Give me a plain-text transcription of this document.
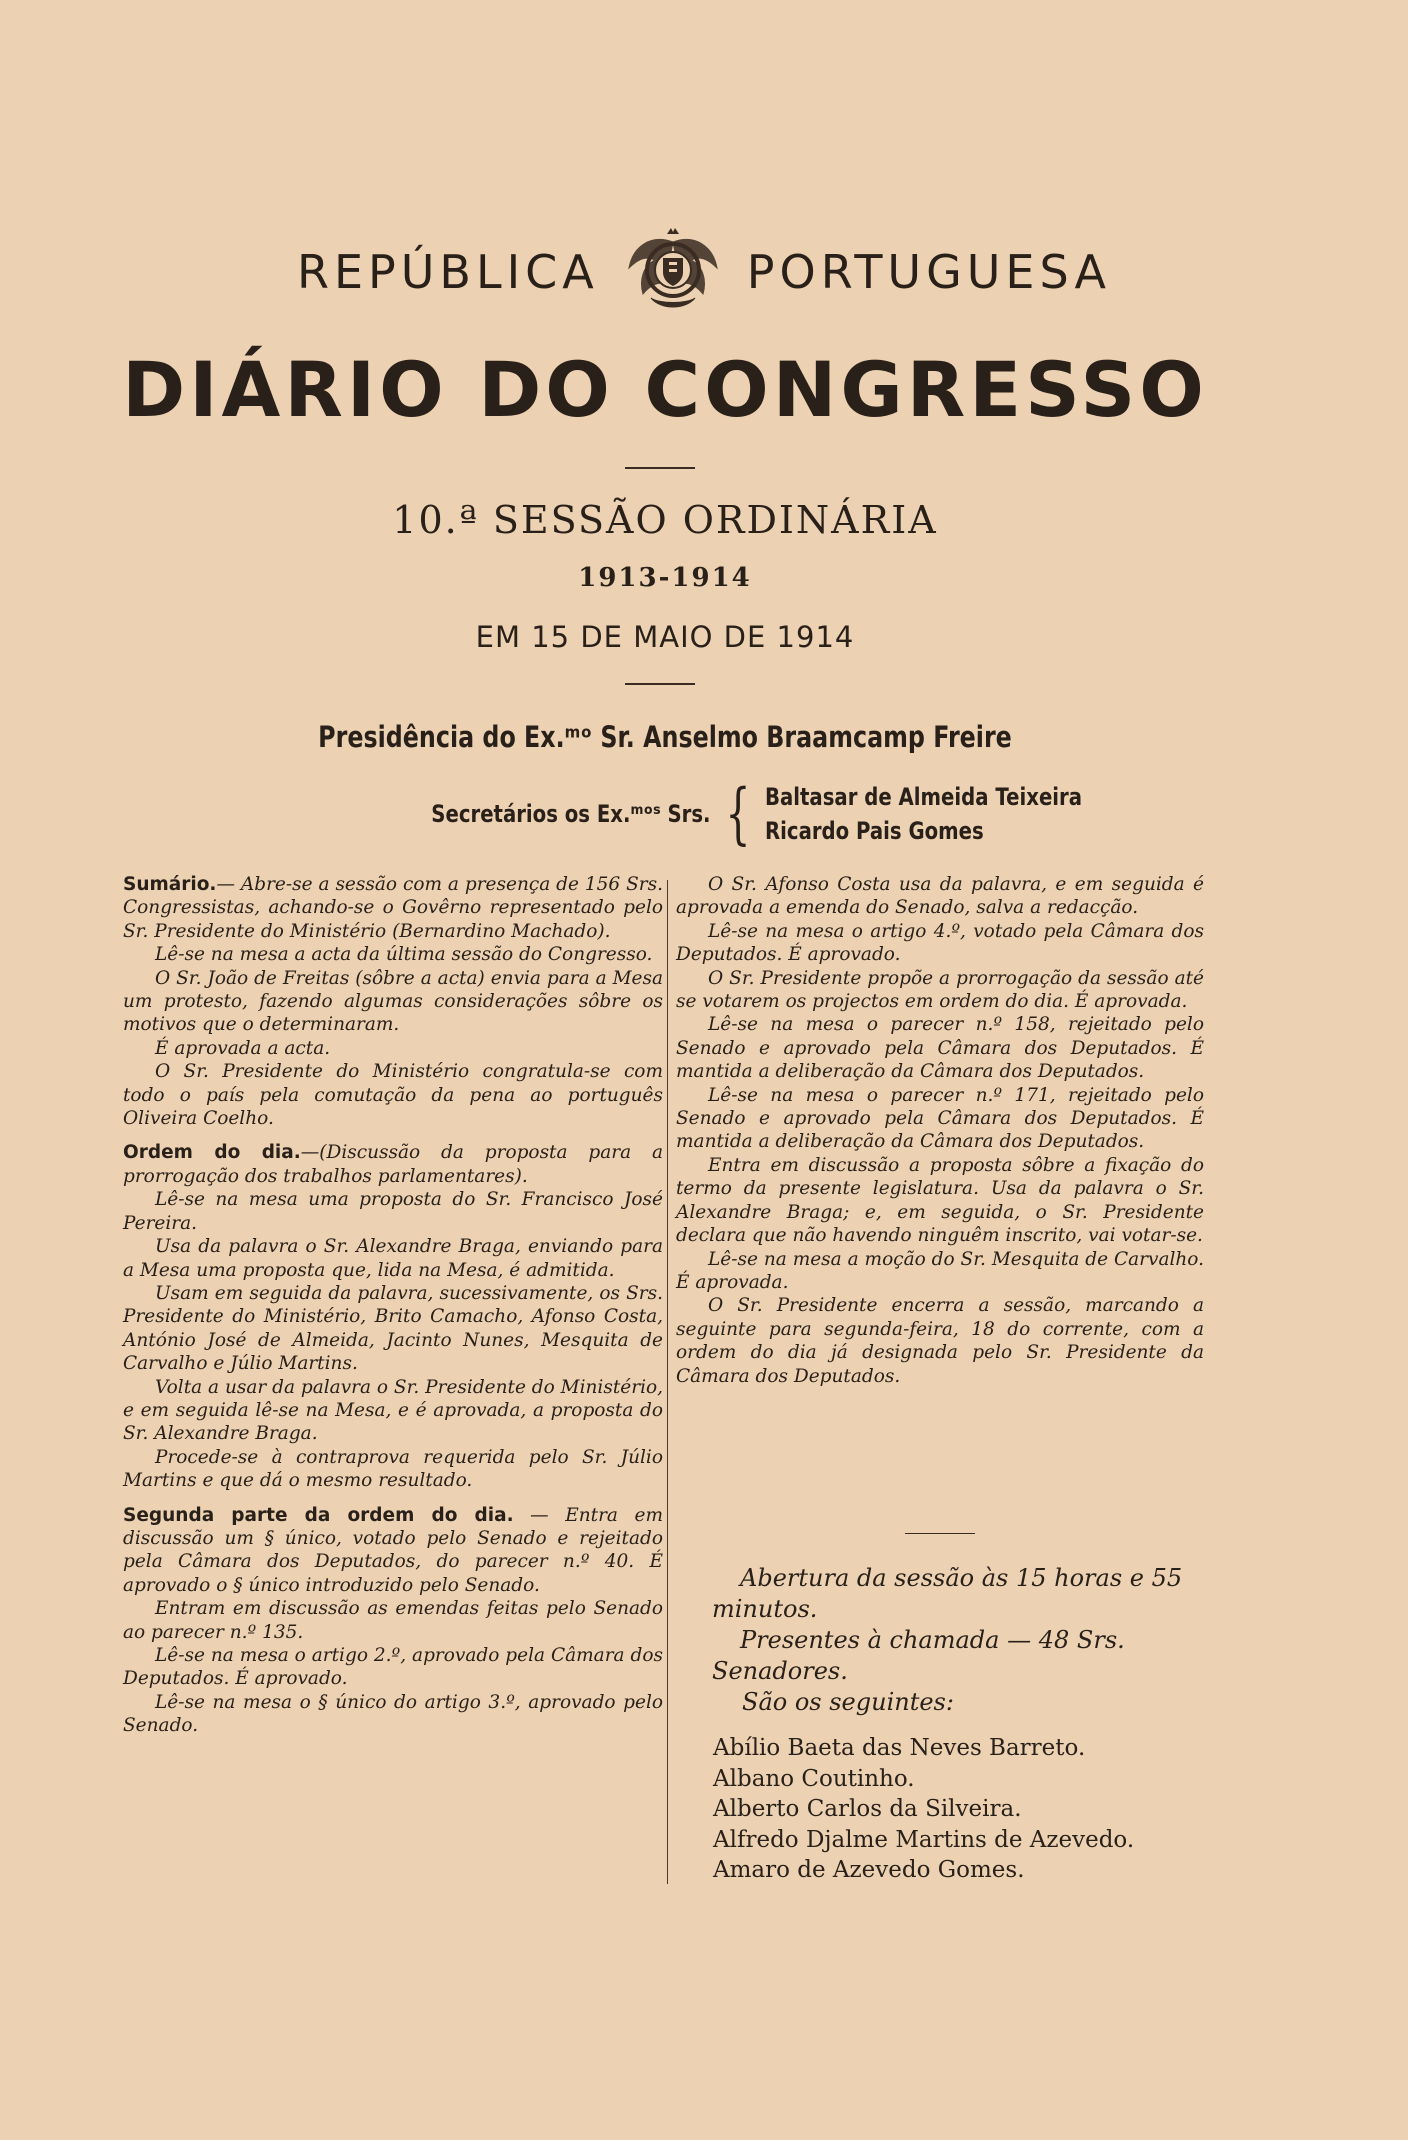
REPÚBLICA	PORTUGUESA
DIÁRIO DO CONGRESSO
10.ª SESSÃO ORDINÁRIA
1913-1914
EM 15 DE MAIO DE 1914
Presidência do Ex.ᵐᵒ Sr. Anselmo Braamcamp Freire
Secretários os Ex.ᵐᵒˢ Srs. { Baltasar de Almeida Teixeira
Ricardo Pais Gomes

Sumário.— Abre-se a sessão com a presença de 156 Srs. Congressistas, achando-se o Govêrno representado pelo Sr. Presidente do Ministério (Bernardino Machado).

Lê-se na mesa a acta da última sessão do Congresso.

O Sr. João de Freitas (sôbre a acta) envia para a Mesa um protesto, fazendo algumas considerações sôbre os motivos que o determinaram.

É aprovada a acta.

O Sr. Presidente do Ministério congratula-se com todo o país pela comutação da pena ao português Oliveira Coelho.

Ordem do dia.—(Discussão da proposta para a prorrogação dos trabalhos parlamentares).

Lê-se na mesa uma proposta do Sr. Francisco José Pereira.

Usa da palavra o Sr. Alexandre Braga, enviando para a Mesa uma proposta que, lida na Mesa, é admitida.

Usam em seguida da palavra, sucessivamente, os Srs. Presidente do Ministério, Brito Camacho, Afonso Costa, António José de Almeida, Jacinto Nunes, Mesquita de Carvalho e Júlio Martins.

Volta a usar da palavra o Sr. Presidente do Ministério, e em seguida lê-se na Mesa, e é aprovada, a proposta do Sr. Alexandre Braga.

Procede-se à contraprova requerida pelo Sr. Júlio Martins e que dá o mesmo resultado.

Segunda parte da ordem do dia. — Entra em discussão um § único, votado pelo Senado e rejeitado pela Câmara dos Deputados, do parecer n.º 40. É aprovado o § único introduzido pelo Senado.

Entram em discussão as emendas feitas pelo Senado ao parecer n.º 135.

Lê-se na mesa o artigo 2.º, aprovado pela Câmara dos Deputados. É aprovado.

Lê-se na mesa o § único do artigo 3.º, aprovado pelo Senado.

O Sr. Afonso Costa usa da palavra, e em seguida é aprovada a emenda do Senado, salva a redacção.

Lê-se na mesa o artigo 4.º, votado pela Câmara dos Deputados. É aprovado.

O Sr. Presidente propõe a prorrogação da sessão até se votarem os projectos em ordem do dia. É aprovada.

Lê-se na mesa o parecer n.º 158, rejeitado pelo Senado e aprovado pela Câmara dos Deputados. É mantida a deliberação da Câmara dos Deputados.

Lê-se na mesa o parecer n.º 171, rejeitado pelo Senado e aprovado pela Câmara dos Deputados. É mantida a deliberação da Câmara dos Deputados.

Entra em discussão a proposta sôbre a fixação do termo da presente legislatura. Usa da palavra o Sr. Alexandre Braga; e, em seguida, o Sr. Presidente declara que não havendo ninguêm inscrito, vai votar-se.

Lê-se na mesa a moção do Sr. Mesquita de Carvalho. É aprovada.

O Sr. Presidente encerra a sessão, marcando a seguinte para segunda-feira, 18 do corrente, com a ordem do dia já designada pelo Sr. Presidente da Câmara dos Deputados.

Abertura da sessão às 15 horas e 55 minutos.

Presentes à chamada — 48 Srs. Senadores.

São os seguintes:

Abílio Baeta das Neves Barreto.
Albano Coutinho.
Alberto Carlos da Silveira.
Alfredo Djalme Martins de Azevedo.
Amaro de Azevedo Gomes.
